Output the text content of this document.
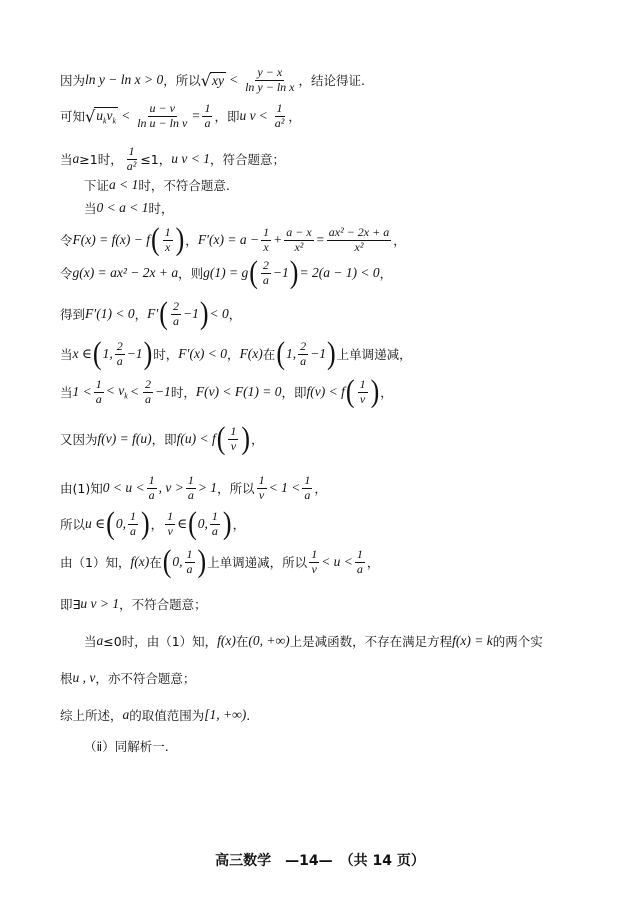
因为 ln y − ln x > 0 ，所以 √ xy < $\frac{y - x}{\text{ln y − ln x}}$ ，结论得证.
可知 √ $u_kv_k < \frac{u - v}{\text{ln u − ln v}} = \frac{1}{a}$ ，即 u $v < \frac{1}{\text{a²}}$ ，
当 a ≥1时， $\frac{1}{\text{a²}} \le 1$， u v < 1 ，符合题意；
下证 a < 1 时，不符合题意.
当 0 < a < 1 时，
令 F(x) = f(x) − f ( $\frac{1}{x}$ ) ， $F'(x) = a - \frac{1}{x} + \frac{a - x}{\text{x²}} = \frac{\text{ax² − 2x + a}}{\text{x²}}$ ，
令 g(x) = ax² − 2x + a ，则 g(1) = g ( $\frac{2}{a} -1$ ) = 2(a − 1) < 0 ，
得到 F′(1) < 0 ， F′ ( $\frac{2}{a} -1$ ) < 0 ，
当 x ∈ ( 1, $\frac{2}{a} -1$ ) 时， F′(x) < 0 ， F(x) 在 ( 1, $\frac{2}{a} -1$ ) 上单调递减，
当 $1 < \frac{1}{a} < v_k < \frac{2}{a} -1$ 时， F(v) < F(1) = 0 ，即 f(v) < f ( $\frac{1}{v}$ ) ，
又因为 f(v) = f(u) ，即 f(u) < f ( $\frac{1}{v}$ ) ，
由(1)知 $0 < u < \frac{1}{a}$ , $v > \frac{1}{a} > 1$ ，所以 $\frac{1}{v} < 1 < \frac{1}{a}$ ，
所以 u ∈ ( 0, $\frac{1}{a}$ ) ， $\frac{1}{v}$ ∈ ( 0, $\frac{1}{a}$ ) ，
由（1）知， f(x) 在 ( 0, $\frac{1}{a}$ ) 上单调递减，所以 $\frac{1}{v} < u < \frac{1}{a}$ ，
即∃ u v > 1 ，不符合题意；
当 a ≤0时，由（1）知， f(x) 在 (0, +∞) 上是减函数，不存在满足方程 f(x) = k 的两个实
根 u , v ，亦不符合题意；
综上所述， a 的取值范围为 [1, +∞) .
（ⅱ）同解析一.
高三数学　—14—　（共 14 页）
